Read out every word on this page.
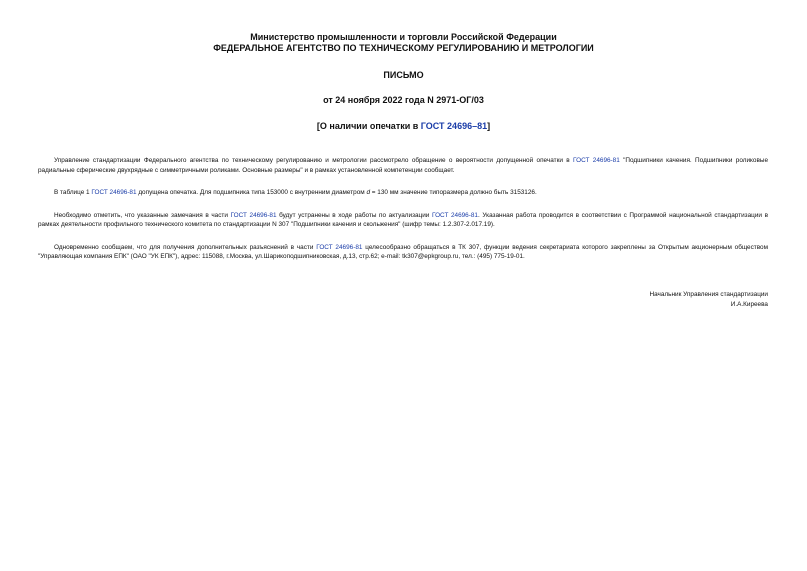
Министерство промышленности и торговли Российской Федерации

ФЕДЕРАЛЬНОЕ АГЕНТСТВО ПО ТЕХНИЧЕСКОМУ РЕГУЛИРОВАНИЮ И МЕТРОЛОГИИ

ПИСЬМО

от 24 ноября 2022 года N 2971-ОГ/03

[О наличии опечатки в ГОСТ 24696–81]

Управление стандартизации Федерального агентства по техническому регулированию и метрологии рассмотрело обращение о вероятности допущенной опечатки в ГОСТ 24696-81 "Подшипники качения. Подшипники роликовые радиальные сферические двухрядные с симметричными роликами. Основные размеры" и в рамках установленной компетенции сообщает.

В таблице 1 ГОСТ 24696-81 допущена опечатка. Для подшипника типа 153000 с внутренним диаметром d = 130 мм значение типоразмера должно быть 3153126.

Необходимо отметить, что указанные замечания в части ГОСТ 24696-81 будут устранены в ходе работы по актуализации ГОСТ 24696-81. Указанная работа проводится в соответствии с Программой национальной стандартизации в рамках деятельности профильного технического комитета по стандартизации N 307 "Подшипники качения и скольжения" (шифр темы: 1.2.307-2.017.19).

Одновременно сообщаем, что для получения дополнительных разъяснений в части ГОСТ 24696-81 целесообразно обращаться в ТК 307, функции ведения секретариата которого закреплены за Открытым акционерным обществом "Управляющая компания ЕПК" (ОАО "УК ЕПК"), адрес: 115088, г.Москва, ул.Шарикоподшипниковская, д.13, стр.62; e-mail: tk307@epkgroup.ru, тел.: (495) 775-19-01.

Начальник Управления стандартизации
И.А.Киреева
